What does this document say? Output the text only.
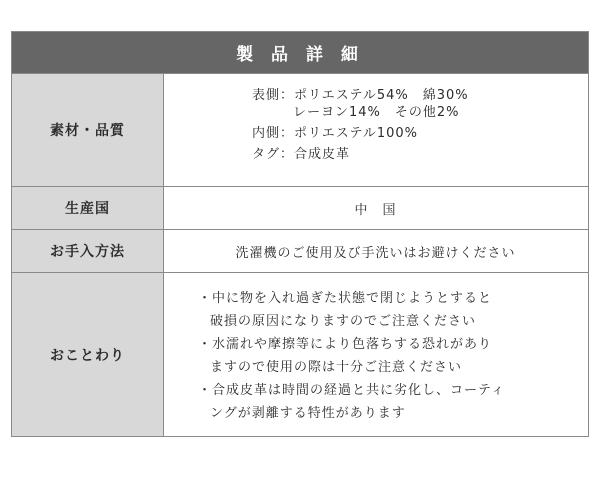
製 品 詳 細
素材・品質
表側：ポリエステル54%　綿30%
レーヨン14%　その他2%
内側：ポリエステル100%
タグ：合成皮革
生産国	中　国
お手入方法	洗濯機のご使用及び手洗いはお避けください
おことわり
・中に物を入れ過ぎた状態で閉じようとすると
破損の原因になりますのでご注意ください
・水濡れや摩擦等により色落ちする恐れがあり
ますので使用の際は十分ご注意ください
・合成皮革は時間の経過と共に劣化し、コーティ
ングが剥離する特性があります
